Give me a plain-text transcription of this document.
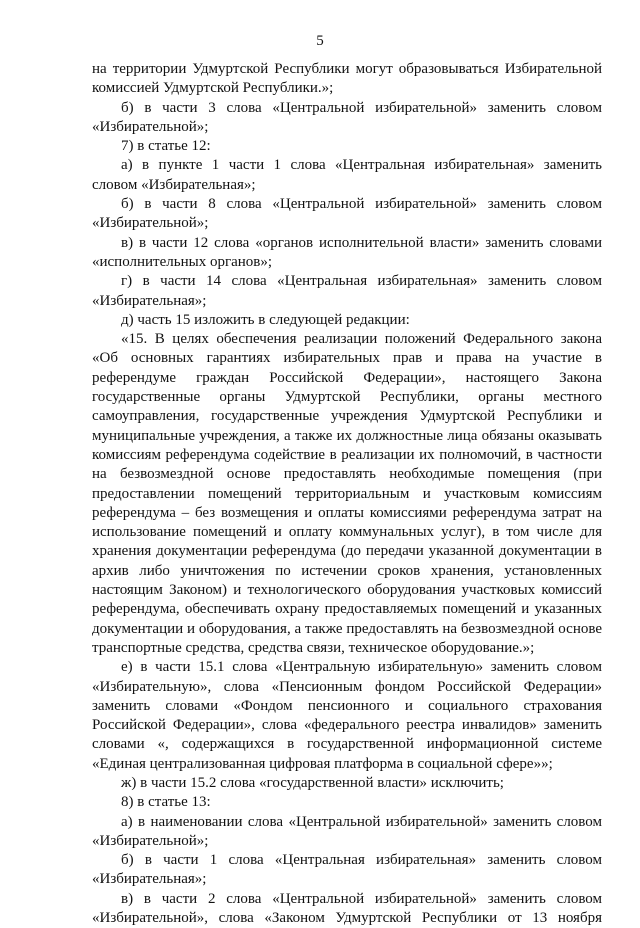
5
на территории Удмуртской Республики могут образовываться Избирательной
комиссией Удмуртской Республики.»;
б) в части 3 слова «Центральной избирательной» заменить словом
«Избирательной»;
7) в статье 12:
а) в пункте 1 части 1 слова «Центральная избирательная» заменить
словом «Избирательная»;
б) в части 8 слова «Центральной избирательной» заменить словом
«Избирательной»;
в) в части 12 слова «органов исполнительной власти» заменить словами
«исполнительных органов»;
г) в части 14 слова «Центральная избирательная» заменить словом
«Избирательная»;
д) часть 15 изложить в следующей редакции:
«15. В целях обеспечения реализации положений Федерального закона
«Об основных гарантиях избирательных прав и права на участие в
референдуме граждан Российской Федерации», настоящего Закона
государственные органы Удмуртской Республики, органы местного
самоуправления, государственные учреждения Удмуртской Республики и
муниципальные учреждения, а также их должностные лица обязаны оказывать
комиссиям референдума содействие в реализации их полномочий, в частности
на безвозмездной основе предоставлять необходимые помещения (при
предоставлении помещений территориальным и участковым комиссиям
референдума – без возмещения и оплаты комиссиями референдума затрат на
использование помещений и оплату коммунальных услуг), в том числе для
хранения документации референдума (до передачи указанной документации в
архив либо уничтожения по истечении сроков хранения, установленных
настоящим Законом) и технологического оборудования участковых комиссий
референдума, обеспечивать охрану предоставляемых помещений и указанных
документации и оборудования, а также предоставлять на безвозмездной основе
транспортные средства, средства связи, техническое оборудование.»;
е) в части 15.1 слова «Центральную избирательную» заменить словом
«Избирательную», слова «Пенсионным фондом Российской Федерации»
заменить словами «Фондом пенсионного и социального страхования
Российской Федерации», слова «федерального реестра инвалидов» заменить
словами «, содержащихся в государственной информационной системе
«Единая централизованная цифровая платформа в социальной сфере»»;
ж) в части 15.2 слова «государственной власти» исключить;
8) в статье 13:
а) в наименовании слова «Центральной избирательной» заменить словом
«Избирательной»;
б) в части 1 слова «Центральная избирательная» заменить словом
«Избирательная»;
в) в части 2 слова «Центральной избирательной» заменить словом
«Избирательной», слова «Законом Удмуртской Республики от 13 ноября
